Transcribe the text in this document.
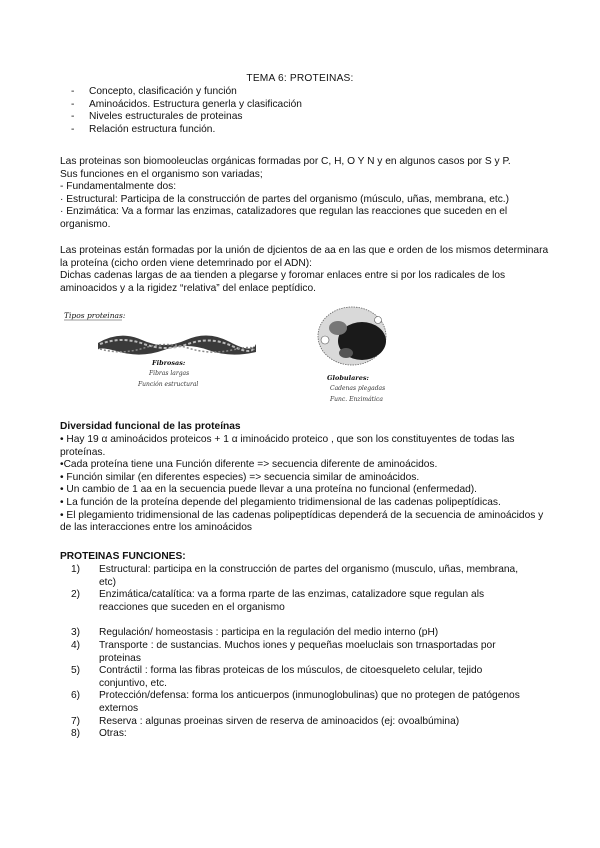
TEMA 6: PROTEINAS:
- Concepto, clasificación y función
- Aminoácidos. Estructura generla y clasificación
- Niveles estructurales de proteinas
- Relación estructura función.
Las proteinas son biomooleuclas orgánicas formadas por C, H, O Y N y en algunos casos por S y P.
Sus funciones en el organismo son variadas;
- Fundamentalmente dos:
· Estructural: Participa de la construcción de partes del organismo (músculo, uñas, membrana, etc.)
· Enzimática: Va a formar las enzimas, catalizadores que regulan las reacciones que suceden en el organismo.
Las proteinas están formadas por la unión de djcientos de aa en las que e orden de los mismos determinara la proteína (cicho orden viene detemrinado por el ADN):
Dichas cadenas largas de aa tienden a plegarse y foromar enlaces entre si por los radicales de los aminoacidos y a la rigidez “relativa” del enlace peptídico.
Tipos proteinas:
Fibrosas:
Fibras largas
Función estructural
Globulares:
Cadenas plegadas
Func. Enzimática
Diversidad funcional de las proteínas
• Hay 19 α aminoácidos proteicos + 1 α iminoácido proteico , que son los constituyentes de todas las proteínas.
•Cada proteína tiene una Función diferente => secuencia diferente de aminoácidos.
• Función similar (en diferentes especies) => secuencia similar de aminoácidos.
• Un cambio de 1 aa en la secuencia puede llevar a una proteína no funcional (enfermedad).
• La función de la proteína depende del plegamiento tridimensional de las cadenas polipeptídicas.
• El plegamiento tridimensional de las cadenas polipeptídicas dependerá de la secuencia de aminoácidos y de las interacciones entre los aminoácidos
PROTEINAS FUNCIONES:
1) Estructural: participa en la construcción de partes del organismo (musculo, uñas, membrana, etc)
2) Enzimática/catalítica: va a forma rparte de las enzimas, catalizadore sque regulan als reacciones que suceden en el organismo
3) Regulación/ homeostasis : participa en la regulación del medio interno (pH)
4) Transporte : de sustancias. Muchos iones y pequeñas moeluclais son trnasportadas por proteinas
5) Contráctil : forma las fibras proteicas de los músculos, de citoesqueleto celular, tejido conjuntivo, etc.
6) Protección/defensa: forma los anticuerpos (inmunoglobulinas) que no protegen de patógenos externos
7) Reserva : algunas proeinas sirven de reserva de aminoacidos (ej: ovoalbúmina)
8) Otras:
